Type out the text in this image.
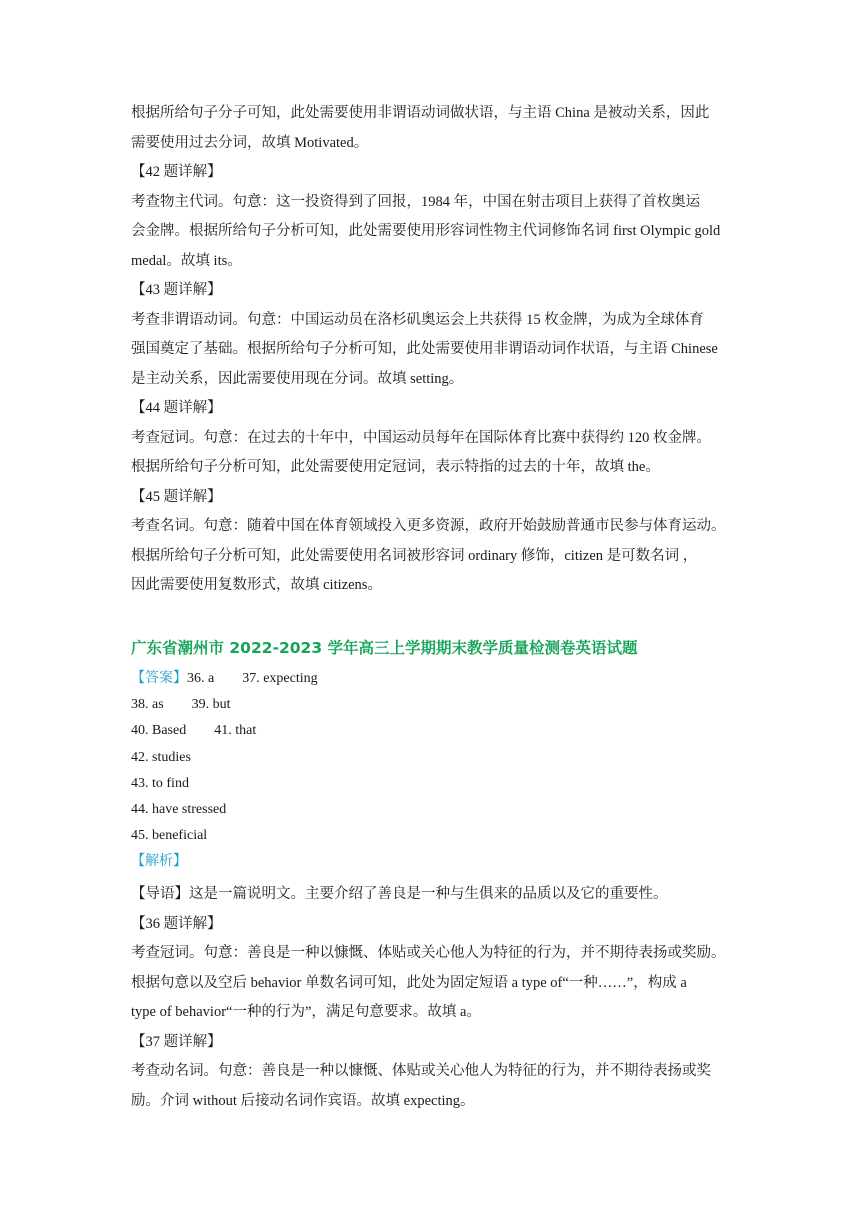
根据所给句子分子可知，此处需要使用非谓语动词做状语，与主语 China 是被动关系，因此
需要使用过去分词，故填 Motivated。

【42 题详解】

考查物主代词。句意：这一投资得到了回报，1984 年，中国在射击项目上获得了首枚奥运
会金牌。根据所给句子分析可知，此处需要使用形容词性物主代词修饰名词 first Olympic gold
medal。故填 its。

【43 题详解】

考查非谓语动词。句意：中国运动员在洛杉矶奥运会上共获得 15 枚金牌，为成为全球体育
强国奠定了基础。根据所给句子分析可知，此处需要使用非谓语动词作状语，与主语 Chinese
是主动关系，因此需要使用现在分词。故填 setting。

【44 题详解】

考查冠词。句意：在过去的十年中，中国运动员每年在国际体育比赛中获得约 120 枚金牌。
根据所给句子分析可知，此处需要使用定冠词，表示特指的过去的十年，故填 the。

【45 题详解】

考查名词。句意：随着中国在体育领域投入更多资源，政府开始鼓励普通市民参与体育运动。
根据所给句子分析可知，此处需要使用名词被形容词 ordinary 修饰，citizen 是可数名词 ，
因此需要使用复数形式，故填 citizens。

广东省潮州市 2022-2023 学年高三上学期期末教学质量检测卷英语试题

【答案】36. a 37. expecting

38. as 39. but

40. Based 41. that

42. studies

43. to find

44. have stressed

45. beneficial

【解析】

【导语】这是一篇说明文。主要介绍了善良是一种与生俱来的品质以及它的重要性。

【36 题详解】

考查冠词。句意：善良是一种以慷慨、体贴或关心他人为特征的行为，并不期待表扬或奖励。
根据句意以及空后 behavior 单数名词可知，此处为固定短语 a type of“一种……”，构成 a
type of behavior“一种的行为”，满足句意要求。故填 a。

【37 题详解】

考查动名词。句意：善良是一种以慷慨、体贴或关心他人为特征的行为，并不期待表扬或奖
励。介词 without 后接动名词作宾语。故填 expecting。
